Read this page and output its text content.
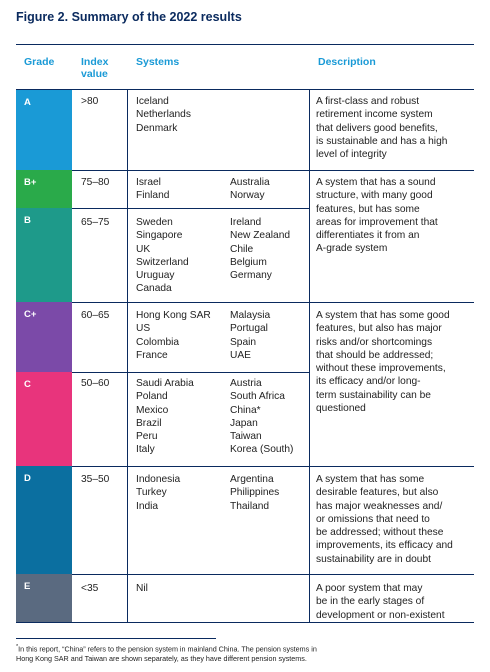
Figure 2. Summary of the 2022 results
Grade	Index
value
Systems	Description
A
B+
B
C+
C
D
E
>80
75–80
65–75
60–65
50–60
35–50
<35
Iceland
Netherlands
Denmark
Israel
Finland
Australia
Norway
Sweden
Singapore
UK
Switzerland
Uruguay
Canada
Ireland
New Zealand
Chile
Belgium
Germany
Hong Kong SAR
US
Colombia
France
Malaysia
Portugal
Spain
UAE
Saudi Arabia
Poland
Mexico
Brazil
Peru
Italy
Austria
South Africa
China*
Japan
Taiwan
Korea (South)
Indonesia
Turkey
India
Argentina
Philippines
Thailand
Nil
A first-class and robust
retirement income system
that delivers good benefits,
is sustainable and has a high
level of integrity
A system that has a sound
structure, with many good
features, but has some
areas for improvement that
differentiates it from an
A-grade system
A system that has some good
features, but also has major
risks and/or shortcomings
that should be addressed;
without these improvements,
its efficacy and/or long-
term sustainability can be
questioned
A system that has some
desirable features, but also
has major weaknesses and/
or omissions that need to
be addressed; without these
improvements, its efficacy and
sustainability are in doubt
A poor system that may
be in the early stages of
development or non-existent
*In this report, “China” refers to the pension system in mainland China. The pension systems in
Hong Kong SAR and Taiwan are shown separately, as they have different pension systems.
